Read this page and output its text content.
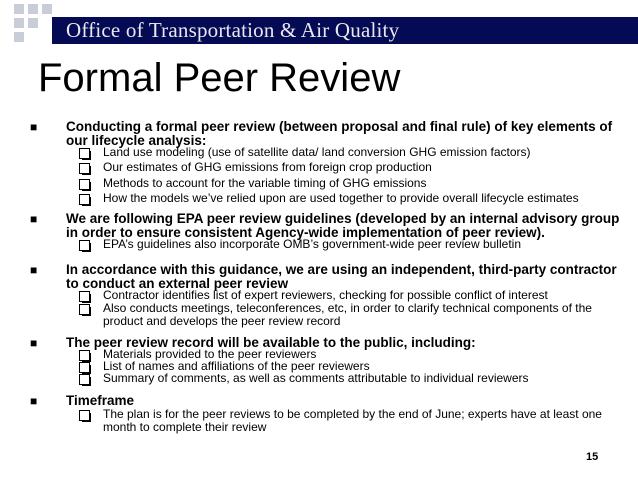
Office of Transportation & Air Quality
Formal Peer Review
■ Conducting a formal peer review (between proposal and final rule) of key elements of our lifecycle analysis:
Land use modeling (use of satellite data/ land conversion GHG emission factors)
Our estimates of GHG emissions from foreign crop production
Methods to account for the variable timing of GHG emissions
How the models we’ve relied upon are used together to provide overall lifecycle estimates
■ We are following EPA peer review guidelines (developed by an internal advisory group in order to ensure consistent Agency-wide implementation of peer review).
EPA’s guidelines also incorporate OMB’s government-wide peer review bulletin
■ In accordance with this guidance, we are using an independent, third-party contractor to conduct an external peer review
Contractor identifies list of expert reviewers, checking for possible conflict of interest
Also conducts meetings, teleconferences, etc, in order to clarify technical components of the product and develops the peer review record
■ The peer review record will be available to the public, including:
Materials provided to the peer reviewers
List of names and affiliations of the peer reviewers
Summary of comments, as well as comments attributable to individual reviewers
■ Timeframe
The plan is for the peer reviews to be completed by the end of June; experts have at least one month to complete their review
15
